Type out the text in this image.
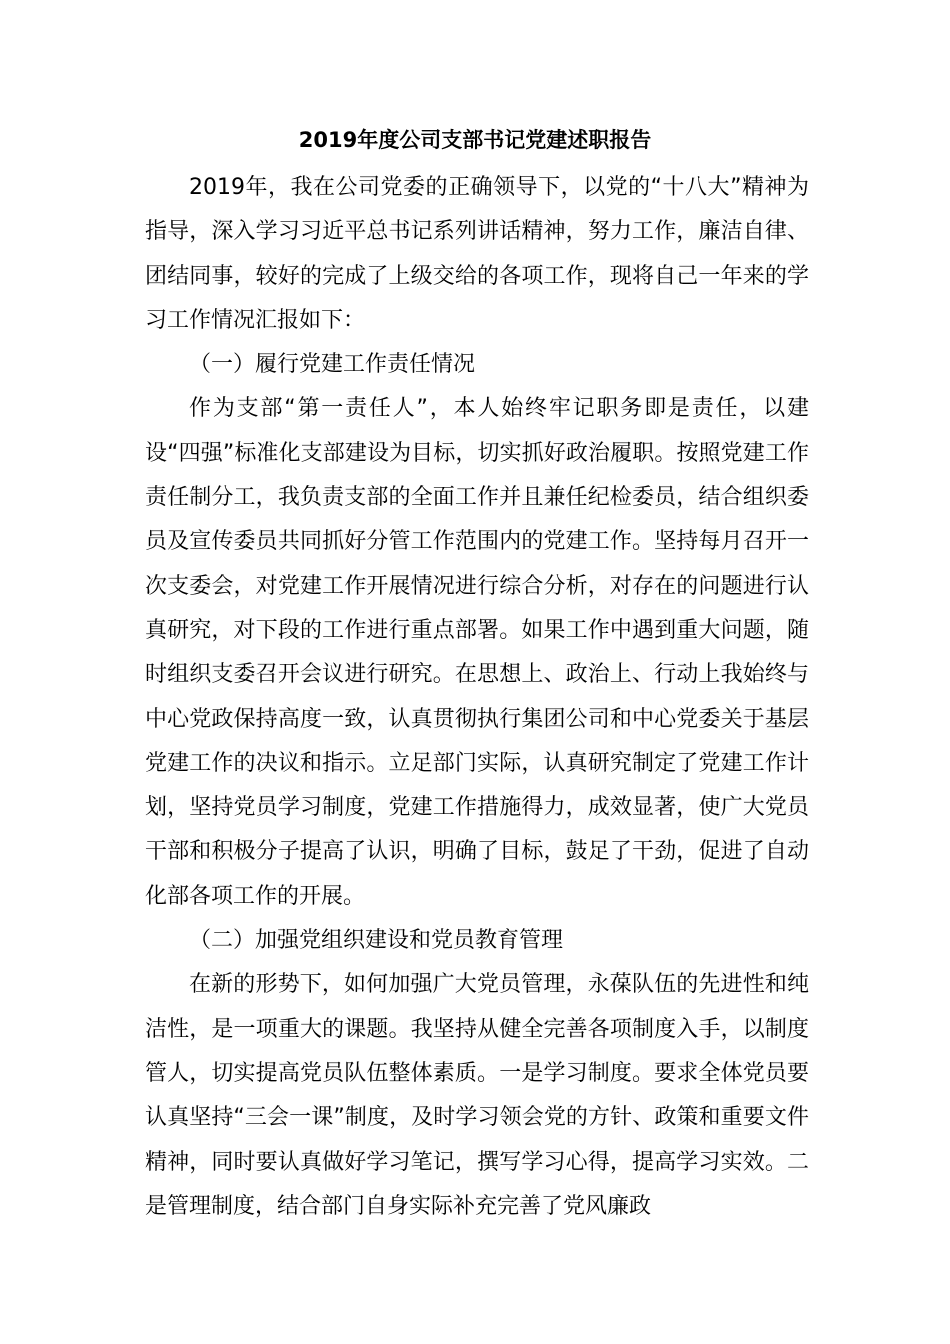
2019年度公司支部书记党建述职报告

2019年，我在公司党委的正确领导下，以党的“十八大”精神为指导，深入学习习近平总书记系列讲话精神，努力工作，廉洁自律、团结同事，较好的完成了上级交给的各项工作，现将自己一年来的学习工作情况汇报如下：

（一）履行党建工作责任情况

作为支部“第一责任人”，本人始终牢记职务即是责任，以建设“四强”标准化支部建设为目标，切实抓好政治履职。按照党建工作责任制分工，我负责支部的全面工作并且兼任纪检委员，结合组织委员及宣传委员共同抓好分管工作范围内的党建工作。坚持每月召开一次支委会，对党建工作开展情况进行综合分析，对存在的问题进行认真研究，对下段的工作进行重点部署。如果工作中遇到重大问题，随时组织支委召开会议进行研究。在思想上、政治上、行动上我始终与中心党政保持高度一致，认真贯彻执行集团公司和中心党委关于基层党建工作的决议和指示。立足部门实际，认真研究制定了党建工作计划，坚持党员学习制度，党建工作措施得力，成效显著，使广大党员干部和积极分子提高了认识，明确了目标，鼓足了干劲，促进了自动化部各项工作的开展。

（二）加强党组织建设和党员教育管理

在新的形势下，如何加强广大党员管理，永葆队伍的先进性和纯洁性，是一项重大的课题。我坚持从健全完善各项制度入手，以制度管人，切实提高党员队伍整体素质。一是学习制度。要求全体党员要认真坚持“三会一课”制度，及时学习领会党的方针、政策和重要文件精神，同时要认真做好学习笔记，撰写学习心得，提高学习实效。二是管理制度，结合部门自身实际补充完善了党风廉政
